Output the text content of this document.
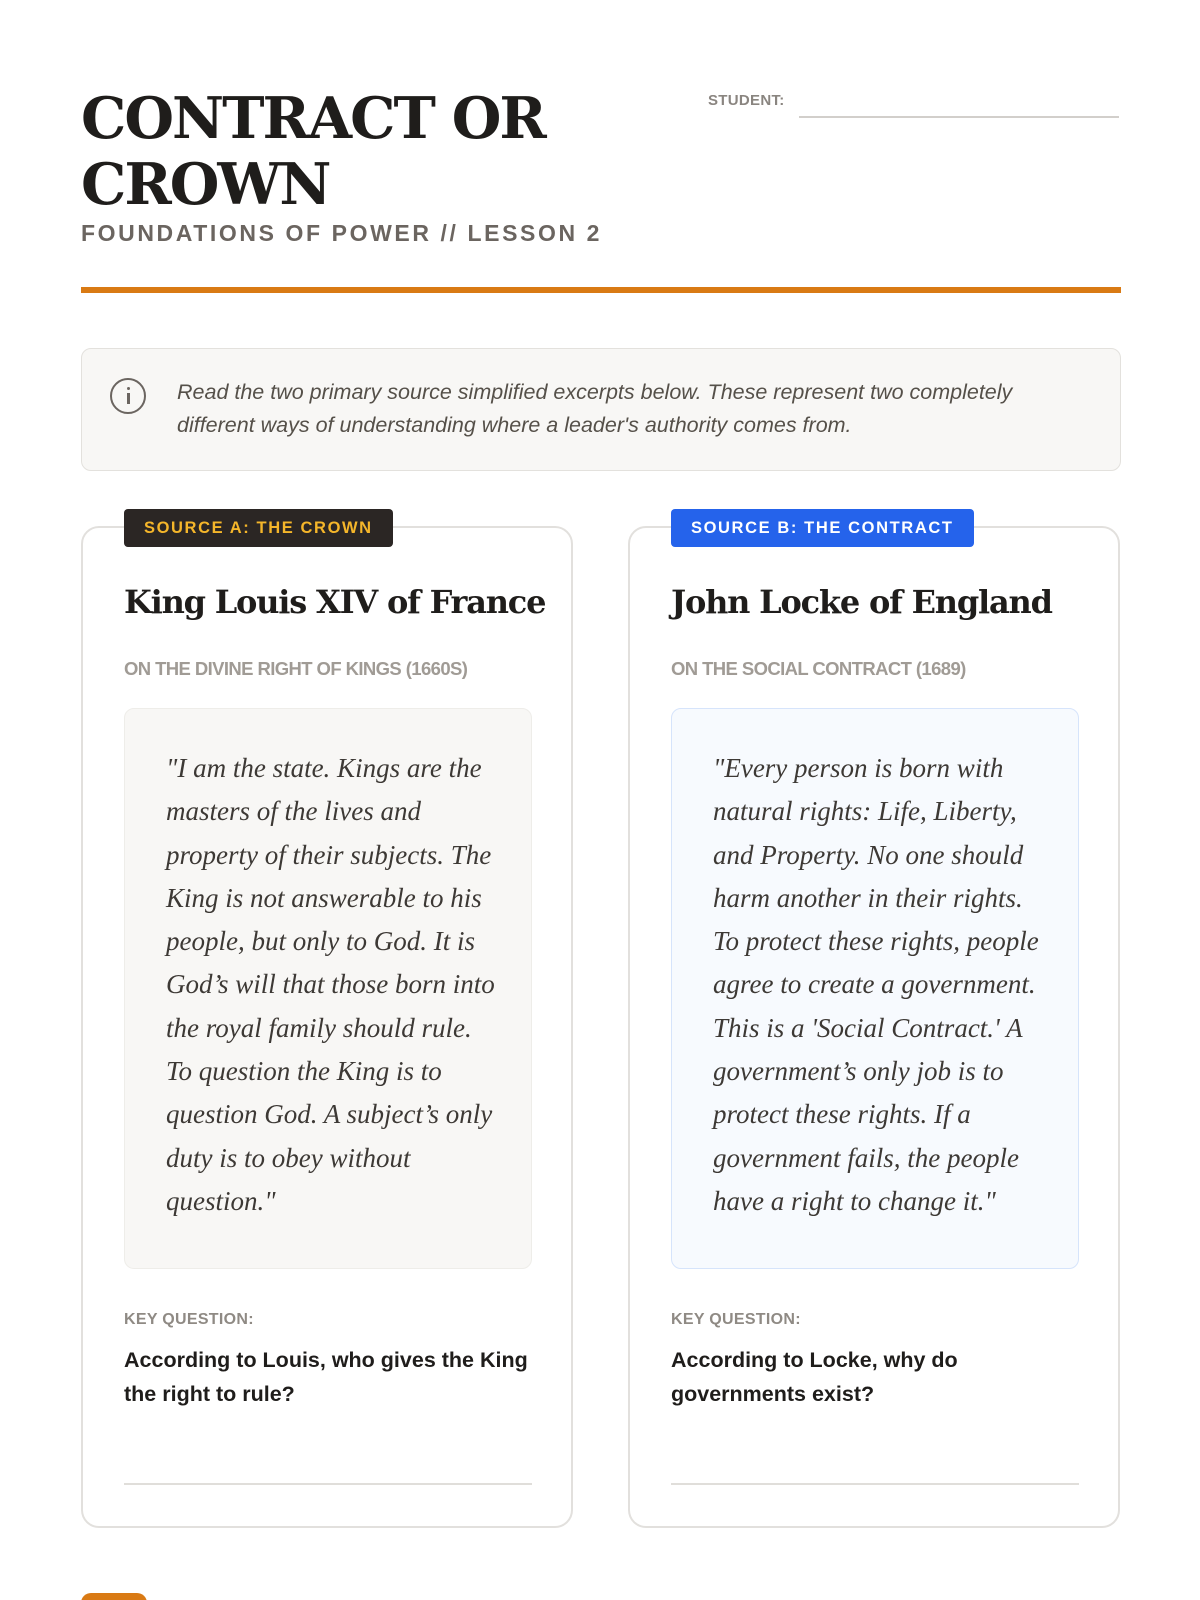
CONTRACT OR CROWN
FOUNDATIONS OF POWER // LESSON 2
STUDENT:

Read the two primary source simplified excerpts below. These represent two completely different ways of understanding where a leader's authority comes from.

SOURCE A: THE CROWN
King Louis XIV of France
ON THE DIVINE RIGHT OF KINGS (1660S)

"I am the state. Kings are the masters of the lives and property of their subjects. The King is not answerable to his people, but only to God. It is God’s will that those born into the royal family should rule. To question the King is to question God. A subject’s only duty is to obey without question."

KEY QUESTION:
According to Louis, who gives the King the right to rule?
SOURCE B: THE CONTRACT
John Locke of England
ON THE SOCIAL CONTRACT (1689)

"Every person is born with natural rights: Life, Liberty, and Property. No one should harm another in their rights. To protect these rights, people agree to create a government. This is a 'Social Contract.' A government’s only job is to protect these rights. If a government fails, the people have a right to change it."

KEY QUESTION:
According to Locke, why do governments exist?
